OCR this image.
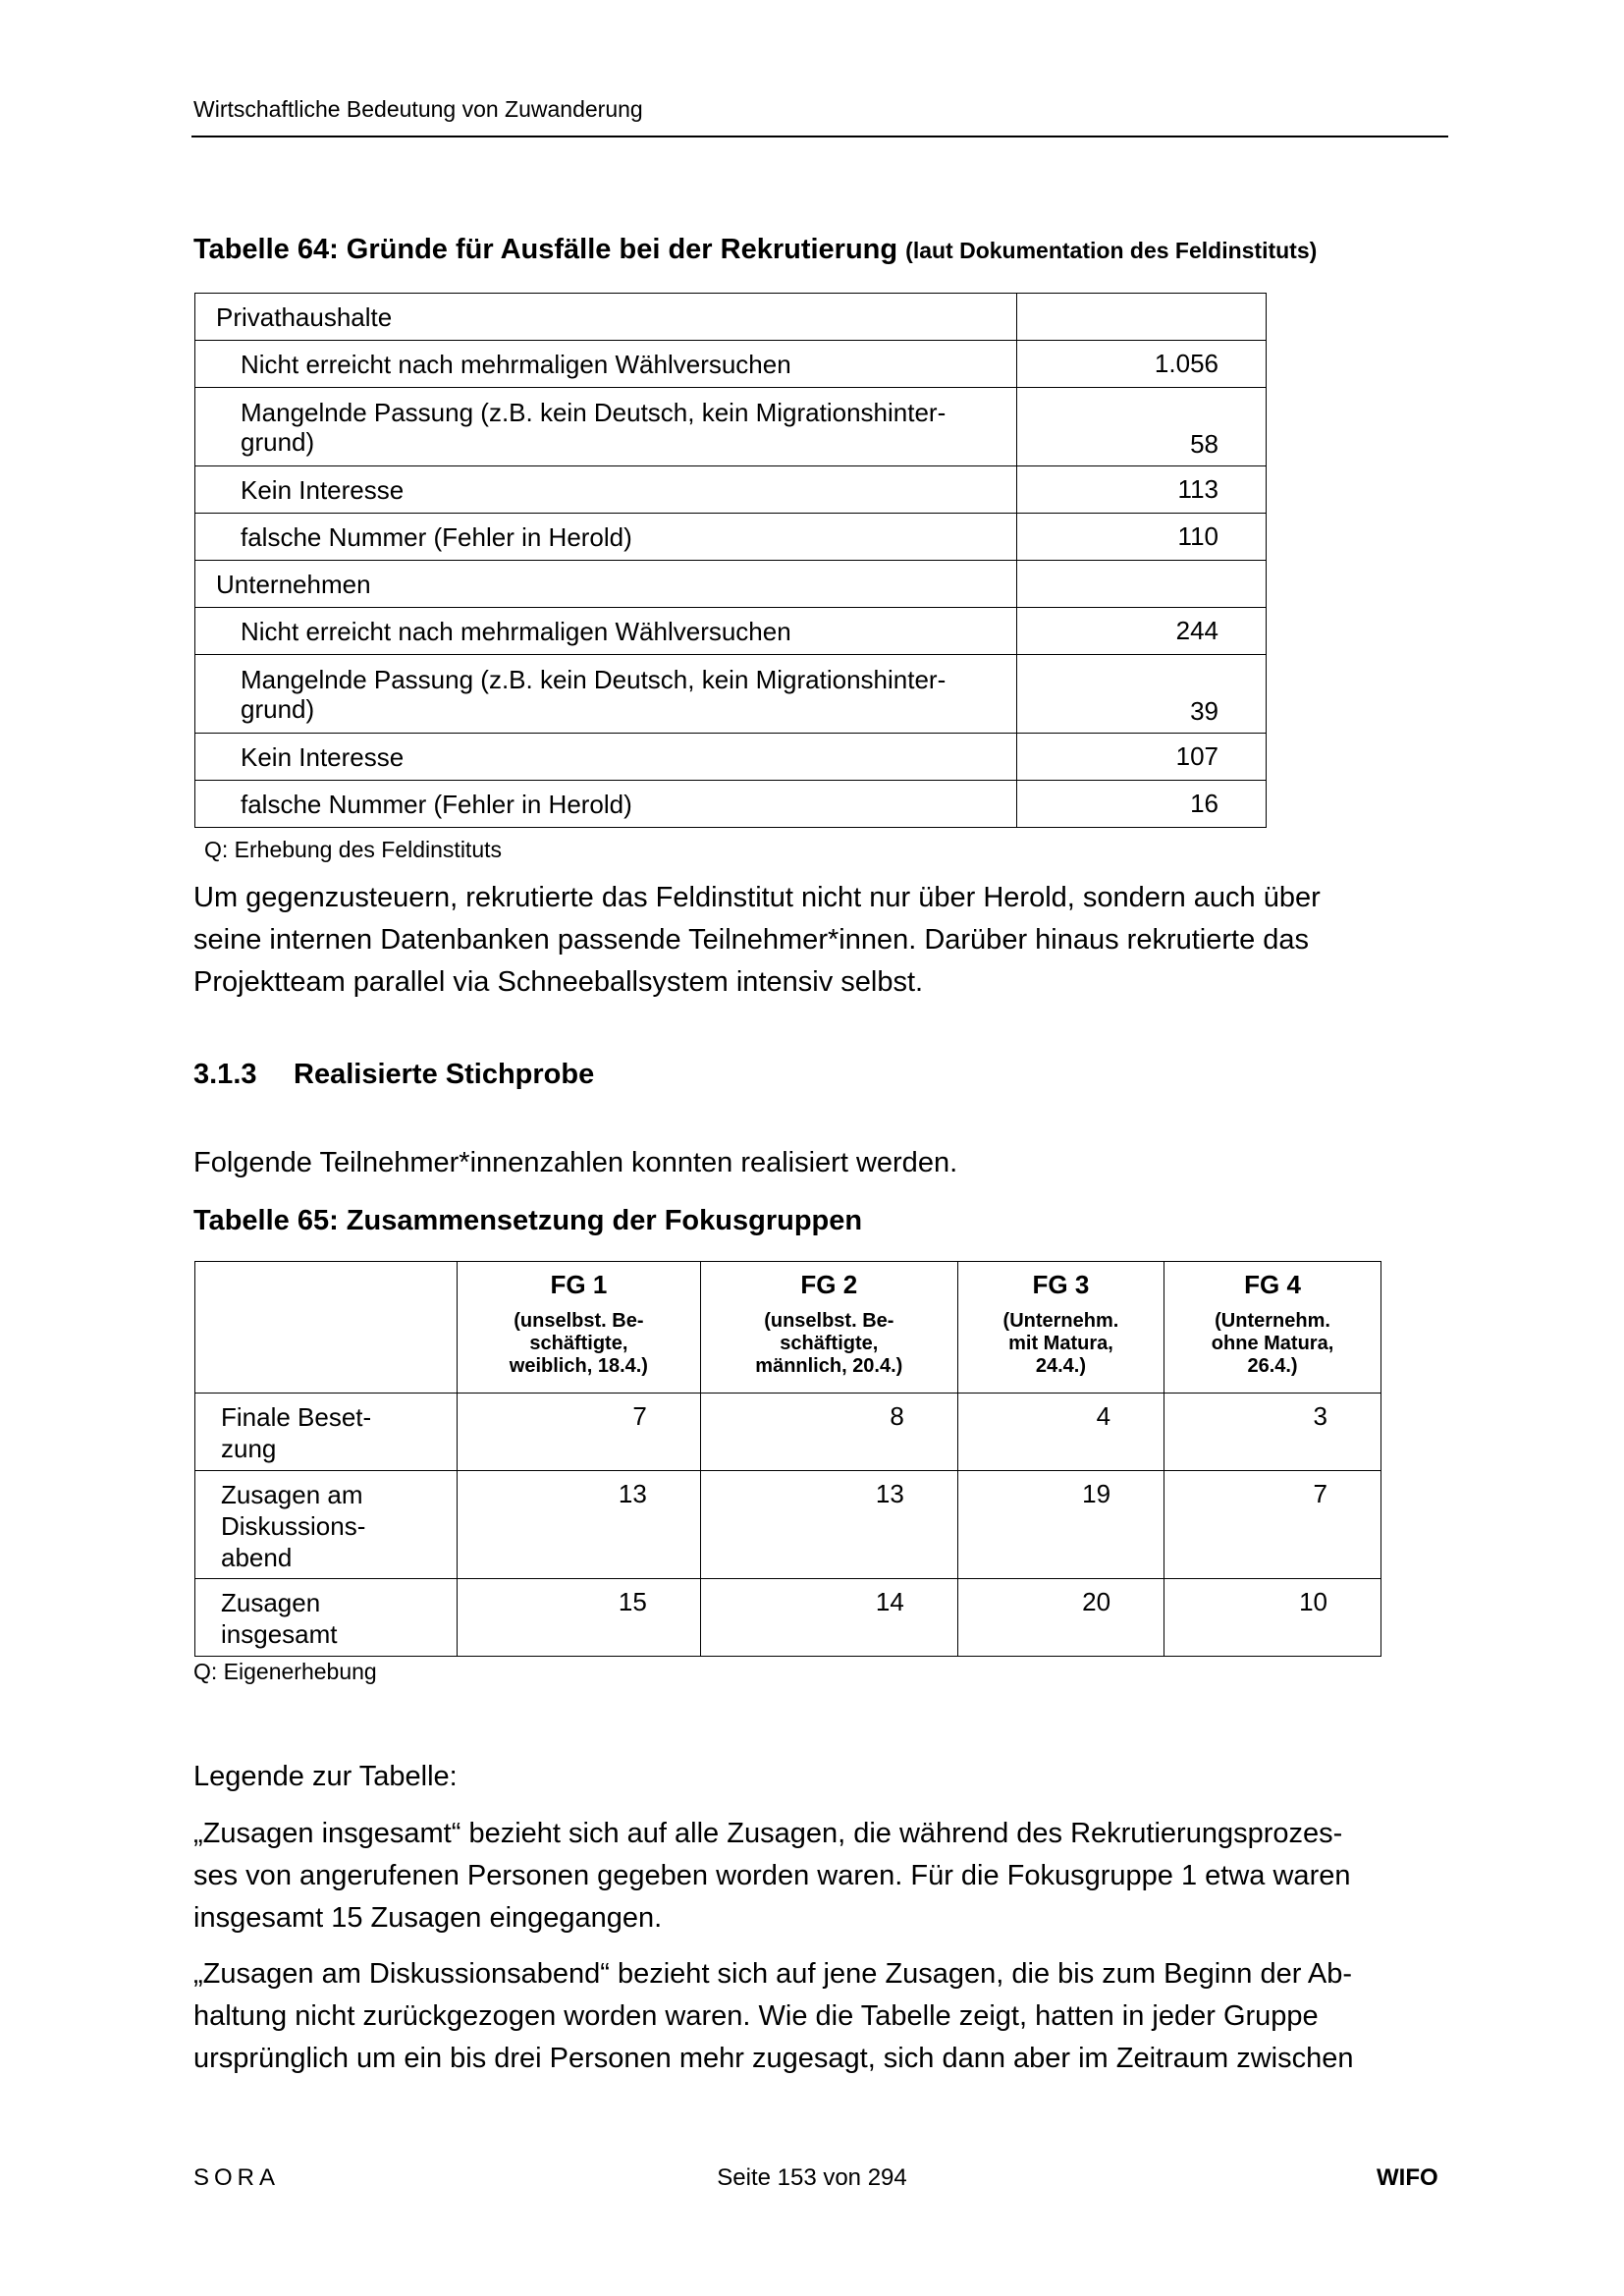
Wirtschaftliche Bedeutung von Zuwanderung
Tabelle 64: Gründe für Ausfälle bei der Rekrutierung (laut Dokumentation des Feldinstituts)
Privathaushalte	
Nicht erreicht nach mehrmaligen Wählversuchen	1.056

Mangelnde Passung (z.B. kein Deutsch, kein Migrationshinter-
grund)	58
Kein Interesse	113
falsche Nummer (Fehler in Herold)	110
Unternehmen	
Nicht erreicht nach mehrmaligen Wählversuchen	244

Mangelnde Passung (z.B. kein Deutsch, kein Migrationshinter-
grund)	39
Kein Interesse	107
falsche Nummer (Fehler in Herold)	16
Q: Erhebung des Feldinstituts
Um gegenzusteuern, rekrutierte das Feldinstitut nicht nur über Herold, sondern auch über
seine internen Datenbanken passende Teilnehmer*innen. Darüber hinaus rekrutierte das
Projektteam parallel via Schneeballsystem intensiv selbst.
3.1.3 Realisierte Stichprobe
Folgende Teilnehmer*innenzahlen konnten realisiert werden.
Tabelle 65: Zusammensetzung der Fokusgruppen

	FG 1
(unselbst. Be-
schäftigte,
weiblich, 18.4.)	FG 2
(unselbst. Be-
schäftigte,
männlich, 20.4.)	FG 3
(Unternehm.
mit Matura,
24.4.)	FG 4
(Unternehm.
ohne Matura,
26.4.)

Finale Beset-
zung	7	8	4	3

Zusagen am
Diskussions-
abend	13	13	19	7

Zusagen
insgesamt	15	14	20	10
Q: Eigenerhebung
Legende zur Tabelle:
„Zusagen insgesamt“ bezieht sich auf alle Zusagen, die während des Rekrutierungsprozes-
ses von angerufenen Personen gegeben worden waren. Für die Fokusgruppe 1 etwa waren
insgesamt 15 Zusagen eingegangen.
„Zusagen am Diskussionsabend“ bezieht sich auf jene Zusagen, die bis zum Beginn der Ab-
haltung nicht zurückgezogen worden waren. Wie die Tabelle zeigt, hatten in jeder Gruppe
ursprünglich um ein bis drei Personen mehr zugesagt, sich dann aber im Zeitraum zwischen
SORA	Seite 153 von 294	WIFO
